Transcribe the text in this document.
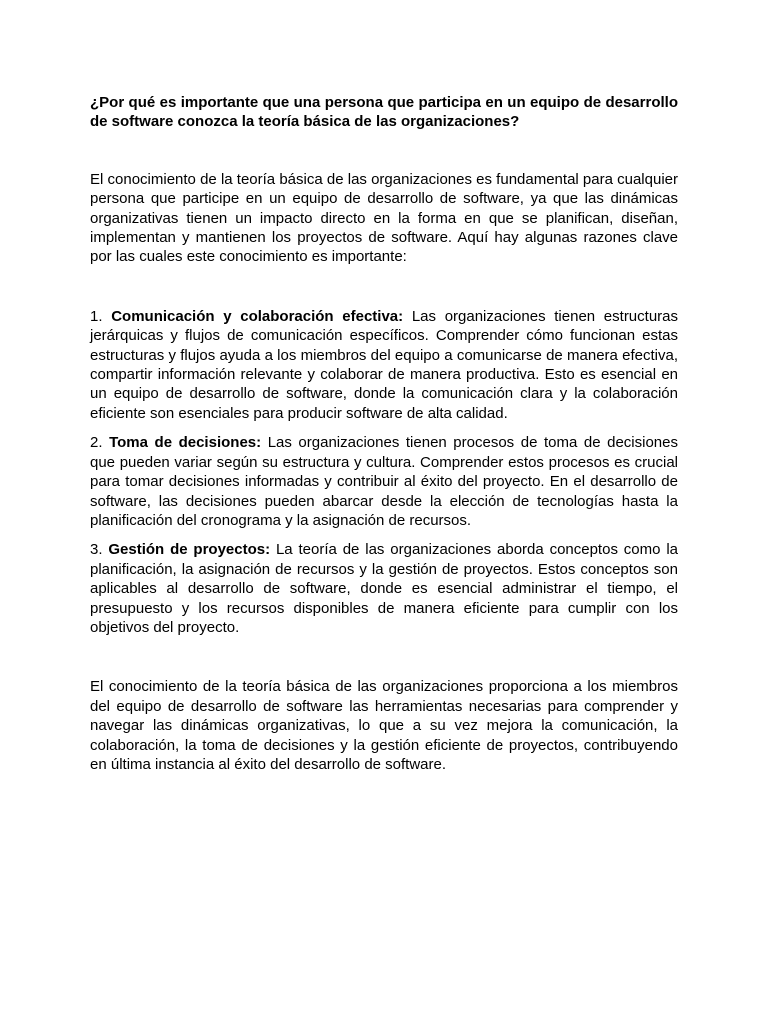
¿Por qué es importante que una persona que participa en un equipo de desarrollo de software conozca la teoría básica de las organizaciones?

El conocimiento de la teoría básica de las organizaciones es fundamental para cualquier persona que participe en un equipo de desarrollo de software, ya que las dinámicas organizativas tienen un impacto directo en la forma en que se planifican, diseñan, implementan y mantienen los proyectos de software. Aquí hay algunas razones clave por las cuales este conocimiento es importante:

1. Comunicación y colaboración efectiva: Las organizaciones tienen estructuras jerárquicas y flujos de comunicación específicos. Comprender cómo funcionan estas estructuras y flujos ayuda a los miembros del equipo a comunicarse de manera efectiva, compartir información relevante y colaborar de manera productiva. Esto es esencial en un equipo de desarrollo de software, donde la comunicación clara y la colaboración eficiente son esenciales para producir software de alta calidad.

2. Toma de decisiones: Las organizaciones tienen procesos de toma de decisiones que pueden variar según su estructura y cultura. Comprender estos procesos es crucial para tomar decisiones informadas y contribuir al éxito del proyecto. En el desarrollo de software, las decisiones pueden abarcar desde la elección de tecnologías hasta la planificación del cronograma y la asignación de recursos.

3. Gestión de proyectos: La teoría de las organizaciones aborda conceptos como la planificación, la asignación de recursos y la gestión de proyectos. Estos conceptos son aplicables al desarrollo de software, donde es esencial administrar el tiempo, el presupuesto y los recursos disponibles de manera eficiente para cumplir con los objetivos del proyecto.

El conocimiento de la teoría básica de las organizaciones proporciona a los miembros del equipo de desarrollo de software las herramientas necesarias para comprender y navegar las dinámicas organizativas, lo que a su vez mejora la comunicación, la colaboración, la toma de decisiones y la gestión eficiente de proyectos, contribuyendo en última instancia al éxito del desarrollo de software.
